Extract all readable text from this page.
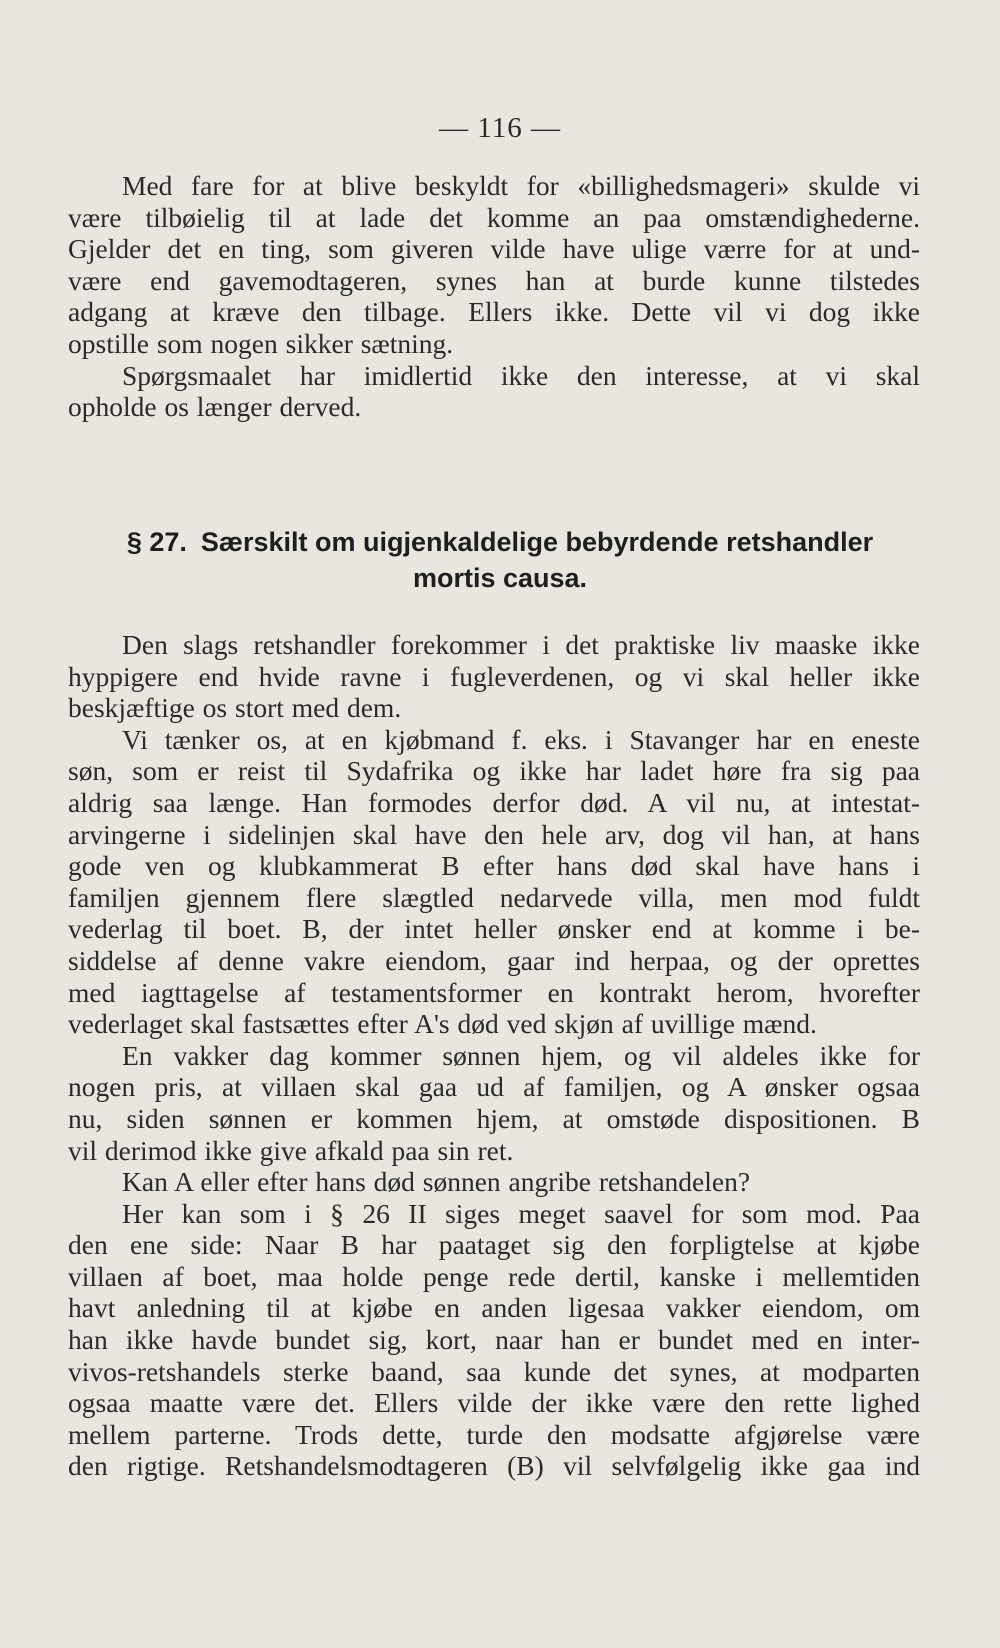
— 116 —
Med fare for at blive beskyldt for «billighedsmageri» skulde vi
være tilbøielig til at lade det komme an paa omstændighederne.
Gjelder det en ting, som giveren vilde have ulige værre for at und-
være end gavemodtageren, synes han at burde kunne tilstedes
adgang at kræve den tilbage. Ellers ikke. Dette vil vi dog ikke
opstille som nogen sikker sætning.
Spørgsmaalet har imidlertid ikke den interesse, at vi skal
opholde os længer derved.
§ 27. Særskilt om uigjenkaldelige bebyrdende retshandler
mortis causa.
Den slags retshandler forekommer i det praktiske liv maaske ikke
hyppigere end hvide ravne i fugleverdenen, og vi skal heller ikke
beskjæftige os stort med dem.
Vi tænker os, at en kjøbmand f. eks. i Stavanger har en eneste
søn, som er reist til Sydafrika og ikke har ladet høre fra sig paa
aldrig saa længe. Han formodes derfor død. A vil nu, at intestat-
arvingerne i sidelinjen skal have den hele arv, dog vil han, at hans
gode ven og klubkammerat B efter hans død skal have hans i
familjen gjennem flere slægtled nedarvede villa, men mod fuldt
vederlag til boet. B, der intet heller ønsker end at komme i be-
siddelse af denne vakre eiendom, gaar ind herpaa, og der oprettes
med iagttagelse af testamentsformer en kontrakt herom, hvorefter
vederlaget skal fastsættes efter A's død ved skjøn af uvillige mænd.
En vakker dag kommer sønnen hjem, og vil aldeles ikke for
nogen pris, at villaen skal gaa ud af familjen, og A ønsker ogsaa
nu, siden sønnen er kommen hjem, at omstøde dispositionen. B
vil derimod ikke give afkald paa sin ret.
Kan A eller efter hans død sønnen angribe retshandelen?
Her kan som i § 26 II siges meget saavel for som mod. Paa
den ene side: Naar B har paataget sig den forpligtelse at kjøbe
villaen af boet, maa holde penge rede dertil, kanske i mellemtiden
havt anledning til at kjøbe en anden ligesaa vakker eiendom, om
han ikke havde bundet sig, kort, naar han er bundet med en inter-
vivos-retshandels sterke baand, saa kunde det synes, at modparten
ogsaa maatte være det. Ellers vilde der ikke være den rette lighed
mellem parterne. Trods dette, turde den modsatte afgjørelse være
den rigtige. Retshandelsmodtageren (B) vil selvfølgelig ikke gaa ind
